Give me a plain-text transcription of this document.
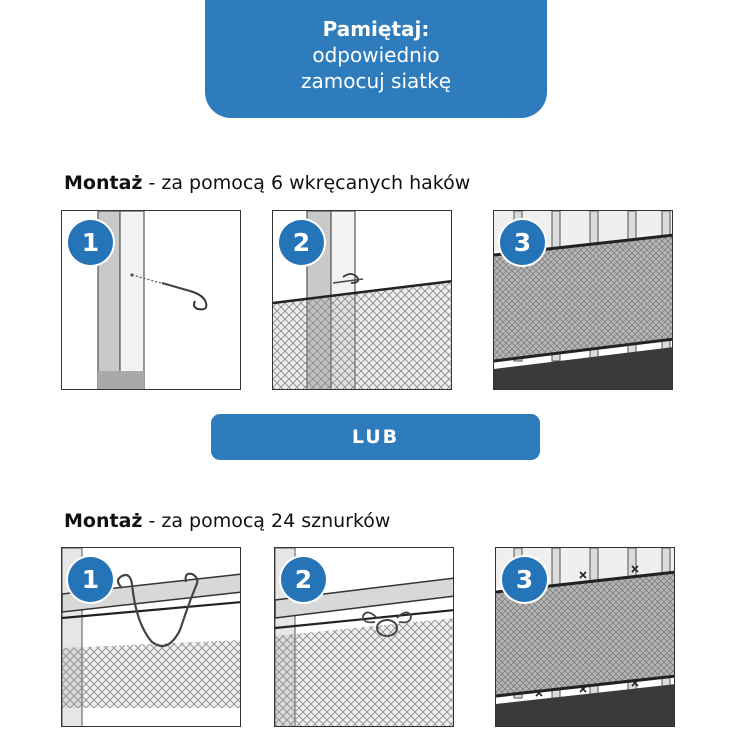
Pamiętaj:
odpowiednio
zamocuj siatkę
Montaż - za pomocą 6 wkręcanych haków
1	2	3
LUB
Montaż - za pomocą 24 sznurków
1	2	3
